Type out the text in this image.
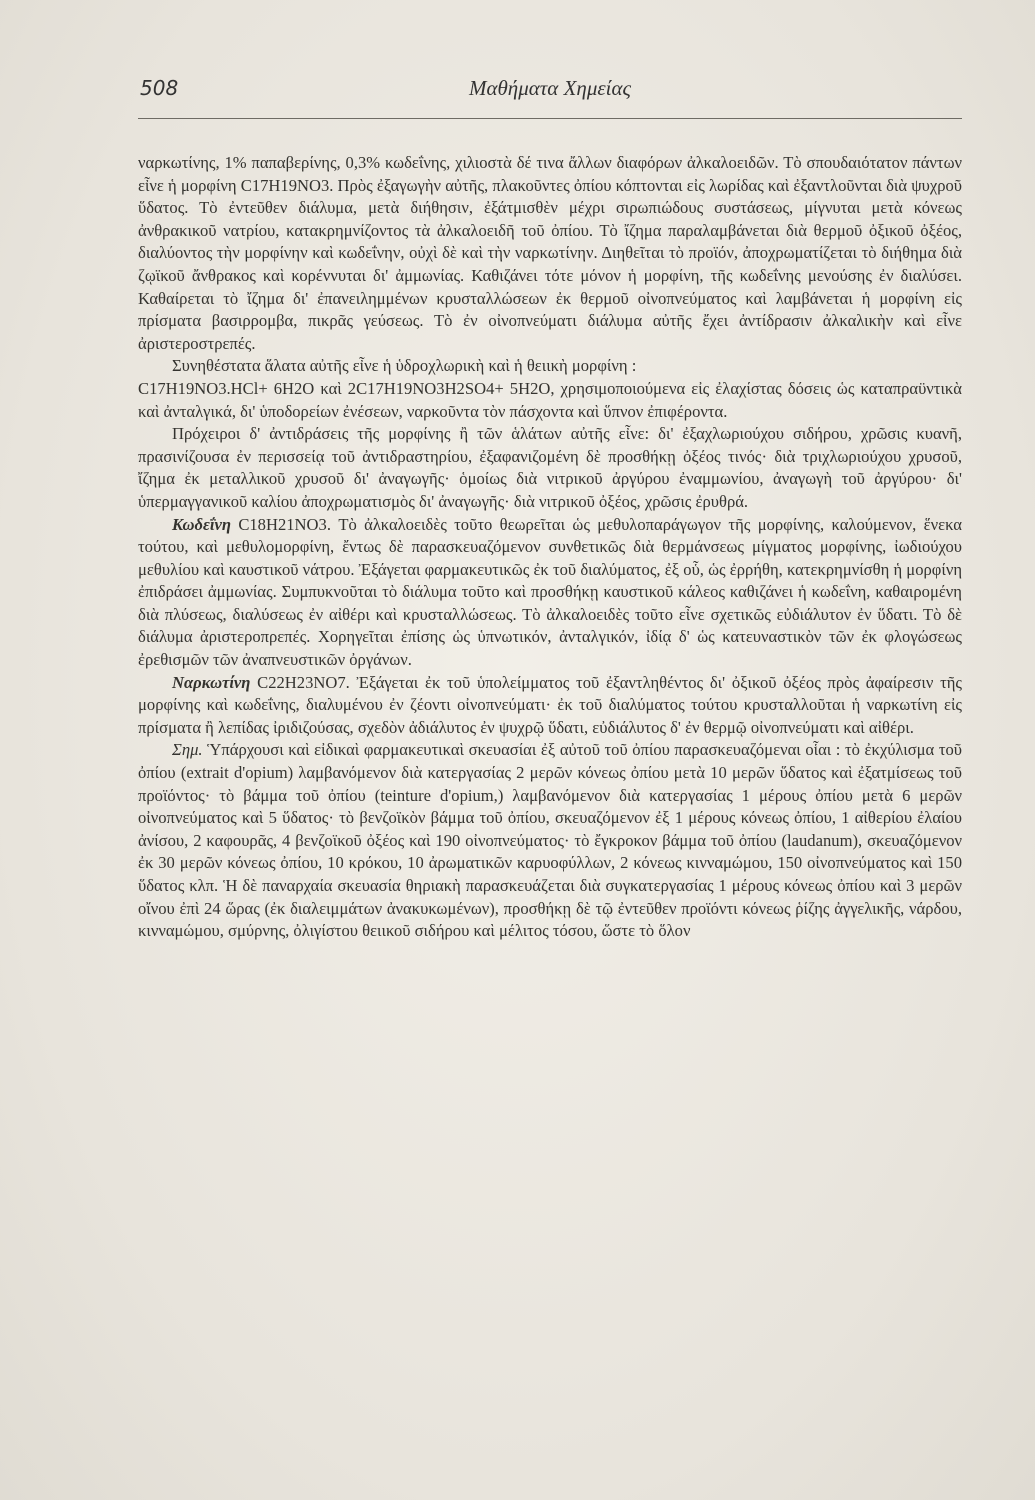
508	Μαθήματα Χημείας

ναρκωτίνης, 1% παπαβερίνης, 0,3% κωδεΐνης, χιλιοστὰ δέ τινα ἄλλων διαφόρων ἀλκαλοειδῶν. Τὸ σπουδαιότατον πάντων εἶνε ἡ μορφίνη C17H19NO3. Πρὸς ἐξαγωγὴν αὐτῆς, πλακοῦντες ὀπίου κόπτονται εἰς λωρίδας καὶ ἐξαντλοῦνται διὰ ψυχροῦ ὕδατος. Τὸ ἐντεῦθεν διάλυμα, μετὰ διήθησιν, ἐξάτμισθὲν μέχρι σιρωπιώδους συστάσεως, μίγνυται μετὰ κόνεως ἀνθρακικοῦ νατρίου, κατακρημνίζοντος τὰ ἀλκαλοειδῆ τοῦ ὀπίου. Τὸ ἴζημα παραλαμβάνεται διὰ θερμοῦ ὀξικοῦ ὀξέος, διαλύοντος τὴν μορφίνην καὶ κωδεΐνην, οὐχὶ δὲ καὶ τὴν ναρκωτίνην. Διηθεῖται τὸ προϊόν, ἀποχρωματίζεται τὸ διήθημα διὰ ζῳϊκοῦ ἄνθρακος καὶ κορέννυται δι' ἀμμωνίας. Καθιζάνει τότε μόνον ἡ μορφίνη, τῆς κωδεΐνης μενούσης ἐν διαλύσει. Καθαίρεται τὸ ἴζημα δι' ἐπανειλημμένων κρυσταλλώσεων ἐκ θερμοῦ οἰνοπνεύματος καὶ λαμβάνεται ἡ μορφίνη εἰς πρίσματα βασιρρομβα, πικρᾶς γεύσεως. Τὸ ἐν οἰνοπνεύματι διάλυμα αὐτῆς ἔχει ἀντίδρασιν ἀλκαλικὴν καὶ εἶνε ἀριστεροστρεπές.

Συνηθέστατα ἅλατα αὐτῆς εἶνε ἡ ὑδροχλωρικὴ καὶ ἡ θειικὴ μορφίνη :

C17H19NO3.HCl+ 6H2O καὶ 2C17H19NO3H2SO4+ 5H2O, χρησιμοποιούμενα εἰς ἐλαχίστας δόσεις ὡς καταπραϋντικὰ καὶ ἀνταλγικά, δι' ὑποδορείων ἐνέσεων, ναρκοῦντα τὸν πάσχοντα καὶ ὕπνον ἐπιφέροντα.

Πρόχειροι δ' ἀντιδράσεις τῆς μορφίνης ἢ τῶν ἁλάτων αὐτῆς εἶνε: δι' ἐξαχλωριούχου σιδήρου, χρῶσις κυανῆ, πρασινίζουσα ἐν περισσείᾳ τοῦ ἀντιδραστηρίου, ἐξαφανιζομένη δὲ προσθήκῃ ὀξέος τινός· διὰ τριχλωριούχου χρυσοῦ, ἴζημα ἐκ μεταλλικοῦ χρυσοῦ δι' ἀναγωγῆς· ὁμοίως διὰ νιτρικοῦ ἀργύρου ἐναμμωνίου, ἀναγωγὴ τοῦ ἀργύρου· δι' ὑπερμαγγανικοῦ καλίου ἀποχρωματισμὸς δι' ἀναγωγῆς· διὰ νιτρικοῦ ὀξέος, χρῶσις ἐρυθρά.

Κωδεΐνη C18H21NO3. Τὸ ἀλκαλοειδὲς τοῦτο θεωρεῖται ὡς μεθυλοπαράγωγον τῆς μορφίνης, καλούμενον, ἕνεκα τούτου, καὶ μεθυλομορφίνη, ἔντως δὲ παρασκευαζόμενον συνθετικῶς διὰ θερμάνσεως μίγματος μορφίνης, ἰωδιούχου μεθυλίου καὶ καυστικοῦ νάτρου. Ἐξάγεται φαρμακευτικῶς ἐκ τοῦ διαλύματος, ἐξ οὗ, ὡς ἐρρήθη, κατεκρημνίσθη ἡ μορφίνη ἐπιδράσει ἀμμωνίας. Συμπυκνοῦται τὸ διάλυμα τοῦτο καὶ προσθήκῃ καυστικοῦ κάλεος καθιζάνει ἡ κωδεΐνη, καθαιρομένη διὰ πλύσεως, διαλύσεως ἐν αἰθέρι καὶ κρυσταλλώσεως. Τὸ ἀλκαλοειδὲς τοῦτο εἶνε σχετικῶς εὐδιάλυτον ἐν ὕδατι. Τὸ δὲ διάλυμα ἀριστεροπρεπές. Χορηγεῖται ἐπίσης ὡς ὑπνωτικόν, ἀνταλγικόν, ἰδίᾳ δ' ὡς κατευναστικὸν τῶν ἐκ φλογώσεως ἐρεθισμῶν τῶν ἀναπνευστικῶν ὀργάνων.

Ναρκωτίνη C22H23NO7. Ἐξάγεται ἐκ τοῦ ὑπολείμματος τοῦ ἐξαντληθέντος δι' ὀξικοῦ ὀξέος πρὸς ἀφαίρεσιν τῆς μορφίνης καὶ κωδεΐνης, διαλυμένου ἐν ζέοντι οἰνοπνεύματι· ἐκ τοῦ διαλύματος τούτου κρυσταλλοῦται ἡ ναρκωτίνη εἰς πρίσματα ἢ λεπίδας ἰριδιζούσας, σχεδὸν ἀδιάλυτος ἐν ψυχρῷ ὕδατι, εὐδιάλυτος δ' ἐν θερμῷ οἰνοπνεύματι καὶ αἰθέρι.

Σημ. Ὑπάρχουσι καὶ εἰδικαὶ φαρμακευτικαὶ σκευασίαι ἐξ αὐτοῦ τοῦ ὀπίου παρασκευαζόμεναι οἷαι : τὸ ἐκχύλισμα τοῦ ὀπίου (extrait d'opium) λαμβανόμενον διὰ κατεργασίας 2 μερῶν κόνεως ὀπίου μετὰ 10 μερῶν ὕδατος καὶ ἐξατμίσεως τοῦ προϊόντος· τὸ βάμμα τοῦ ὀπίου (teinture d'opium,) λαμβανόμενον διὰ κατεργασίας 1 μέρους ὀπίου μετὰ 6 μερῶν οἰνοπνεύματος καὶ 5 ὕδατος· τὸ βενζοϊκὸν βάμμα τοῦ ὀπίου, σκευαζόμενον ἐξ 1 μέρους κόνεως ὀπίου, 1 αἰθερίου ἐλαίου ἀνίσου, 2 καφουρᾶς, 4 βενζοϊκοῦ ὀξέος καὶ 190 οἰνοπνεύματος· τὸ ἔγκροκον βάμμα τοῦ ὀπίου (laudanum), σκευαζόμενον ἐκ 30 μερῶν κόνεως ὀπίου, 10 κρόκου, 10 ἀρωματικῶν καρυοφύλλων, 2 κόνεως κινναμώμου, 150 οἰνοπνεύματος καὶ 150 ὕδατος κλπ. Ἡ δὲ παναρχαία σκευασία θηριακὴ παρασκευάζεται διὰ συγκατεργασίας 1 μέρους κόνεως ὀπίου καὶ 3 μερῶν οἴνου ἐπὶ 24 ὥρας (ἐκ διαλειμμάτων ἀνακυκωμένων), προσθήκῃ δὲ τῷ ἐντεῦθεν προϊόντι κόνεως ῥίζης ἀγγελικῆς, νάρδου, κινναμώμου, σμύρνης, ὀλιγίστου θειικοῦ σιδήρου καὶ μέλιτος τόσου, ὥστε τὸ ὅλον
